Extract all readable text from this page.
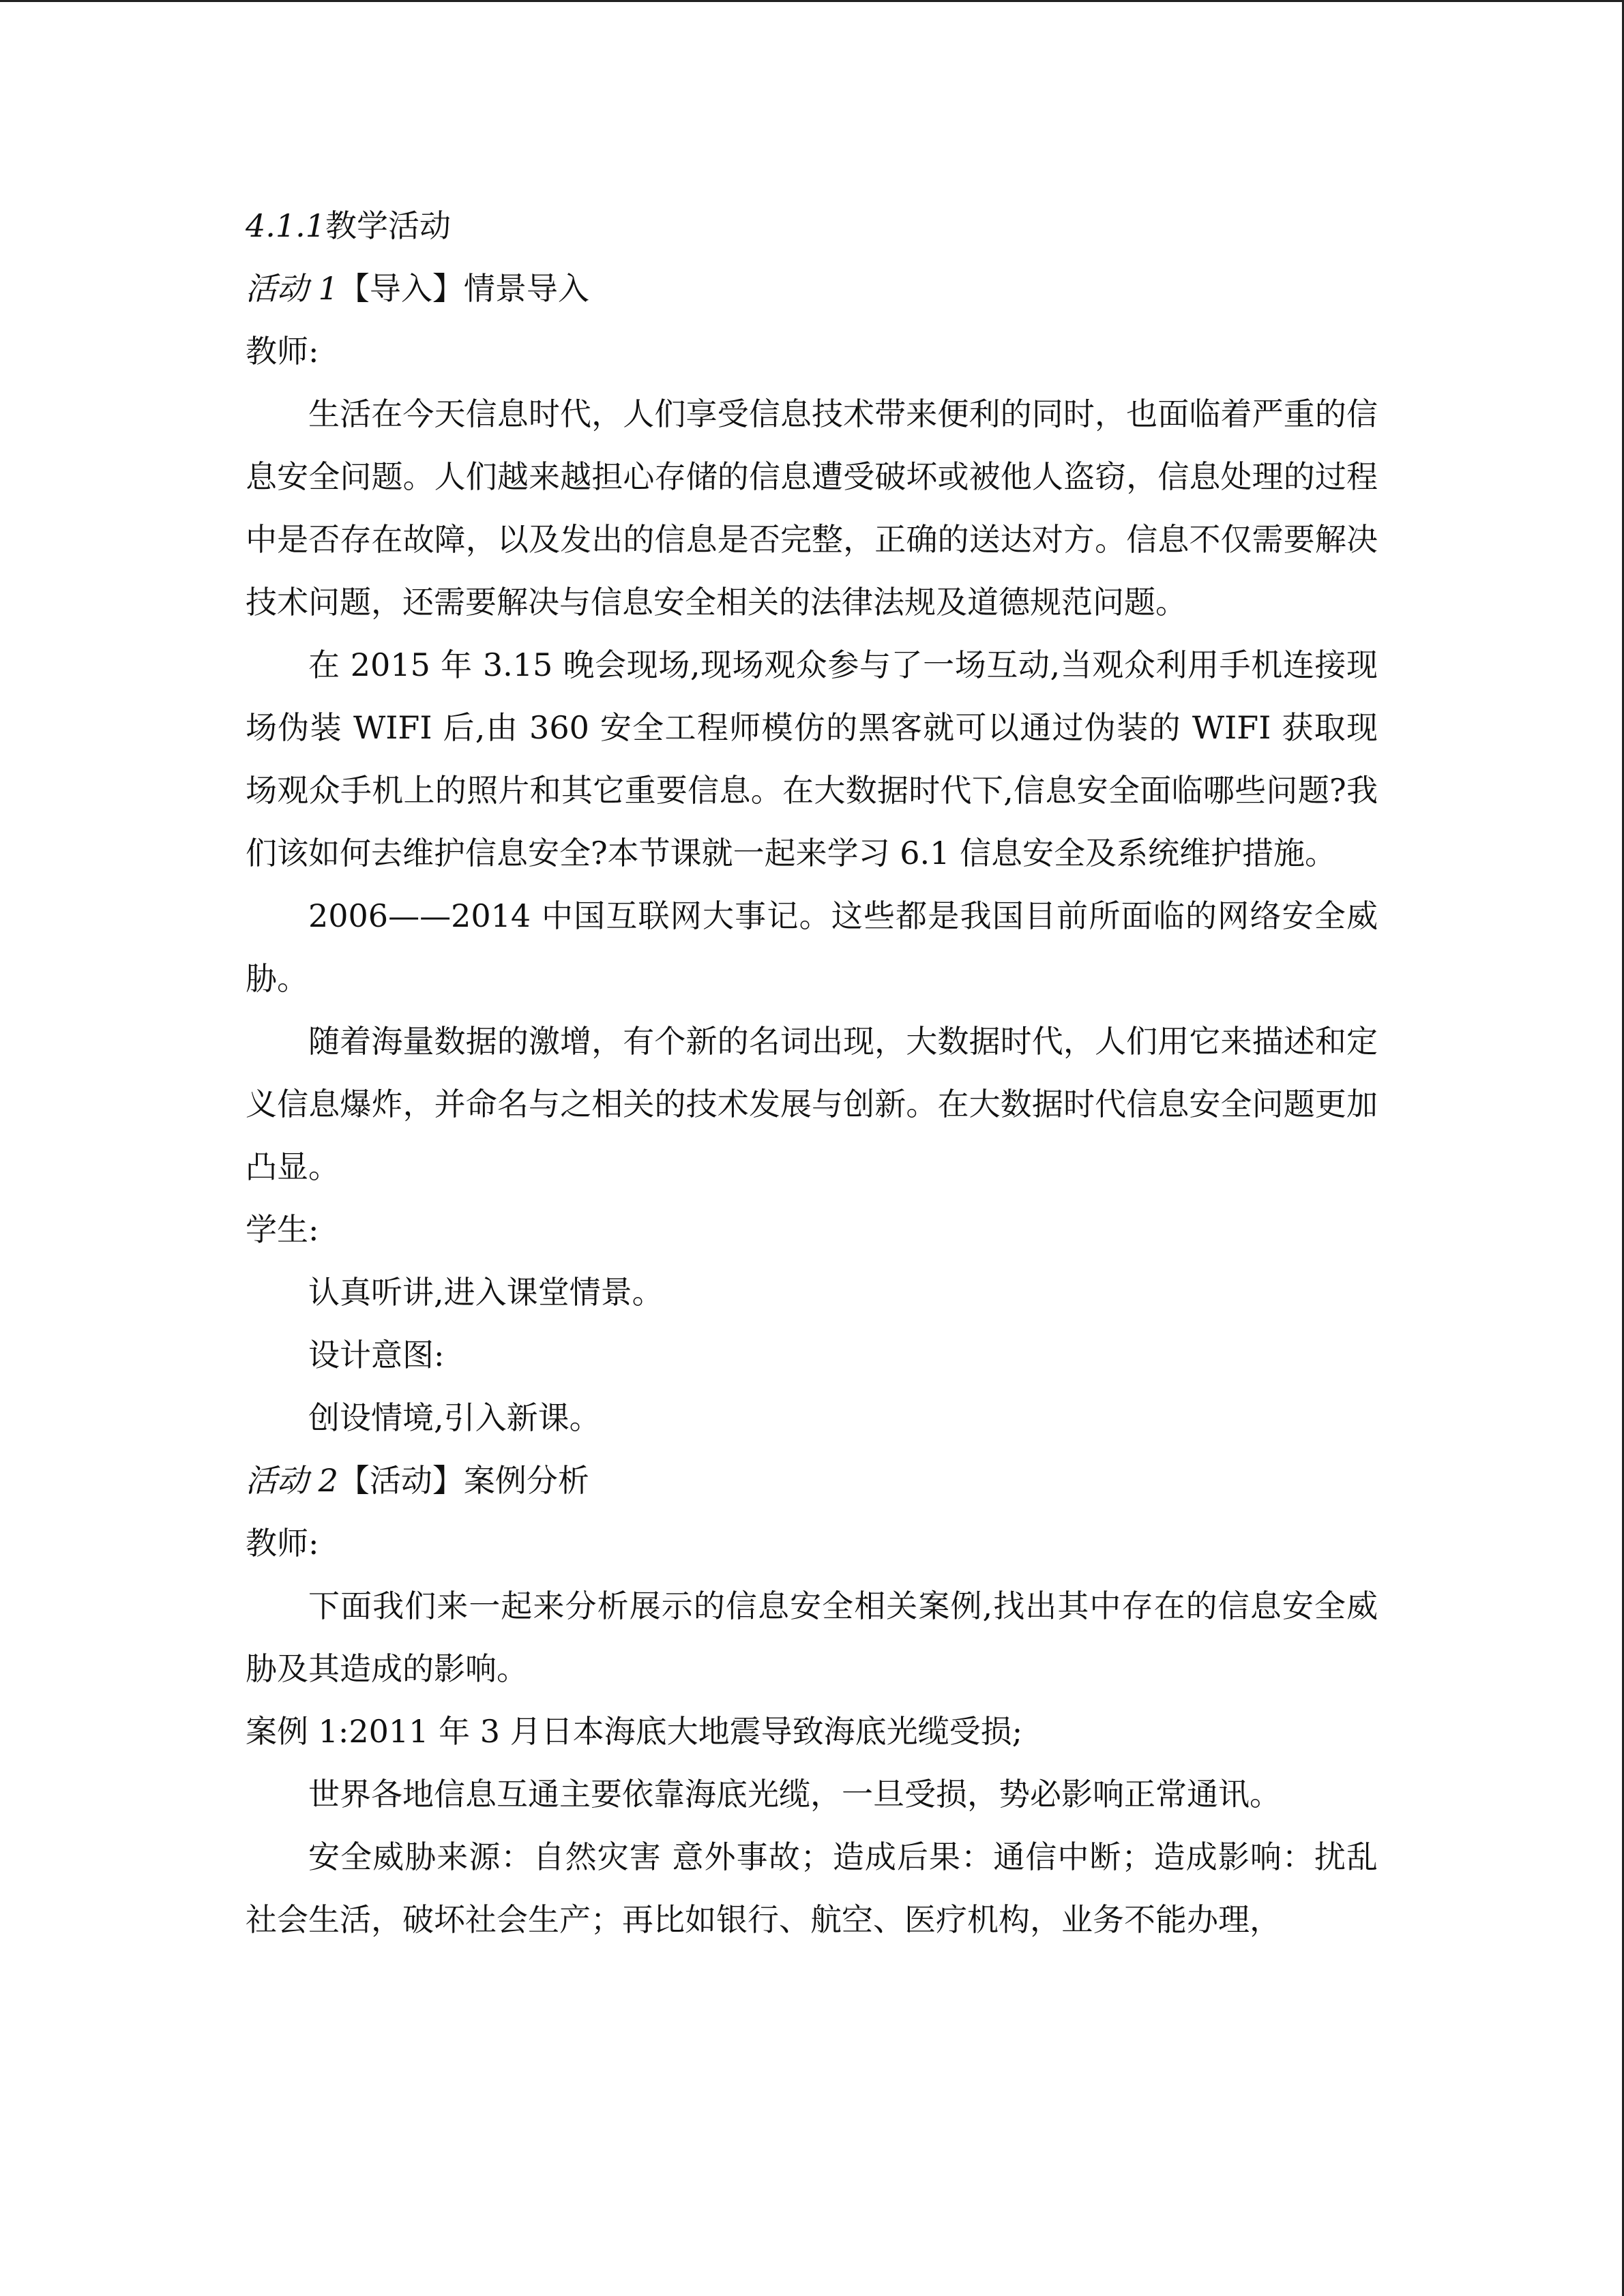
4.1.1教学活动

活动 1【导入】情景导入

教师:

生活在今天信息时代，人们享受信息技术带来便利的同时，也面临着严重的信息安全问题。人们越来越担心存储的信息遭受破坏或被他人盗窃，信息处理的过程中是否存在故障，以及发出的信息是否完整，正确的送达对方。信息不仅需要解决技术问题，还需要解决与信息安全相关的法律法规及道德规范问题。

在 2015 年 3.15 晚会现场,现场观众参与了一场互动,当观众利用手机连接现场伪装 WIFI 后,由 360 安全工程师模仿的黑客就可以通过伪装的 WIFI 获取现场观众手机上的照片和其它重要信息。在大数据时代下,信息安全面临哪些问题?我们该如何去维护信息安全?本节课就一起来学习 6.1 信息安全及系统维护措施。

2006——2014 中国互联网大事记。这些都是我国目前所面临的网络安全威胁。

随着海量数据的激增，有个新的名词出现，大数据时代，人们用它来描述和定义信息爆炸，并命名与之相关的技术发展与创新。在大数据时代信息安全问题更加凸显。

学生:

认真听讲,进入课堂情景。

设计意图:

创设情境,引入新课。

活动 2【活动】案例分析

教师:

下面我们来一起来分析展示的信息安全相关案例,找出其中存在的信息安全威胁及其造成的影响。

案例 1:2011 年 3 月日本海底大地震导致海底光缆受损;

世界各地信息互通主要依靠海底光缆，一旦受损，势必影响正常通讯。

安全威胁来源：自然灾害 意外事故；造成后果：通信中断；造成影响：扰乱社会生活，破坏社会生产；再比如银行、航空、医疗机构，业务不能办理，
